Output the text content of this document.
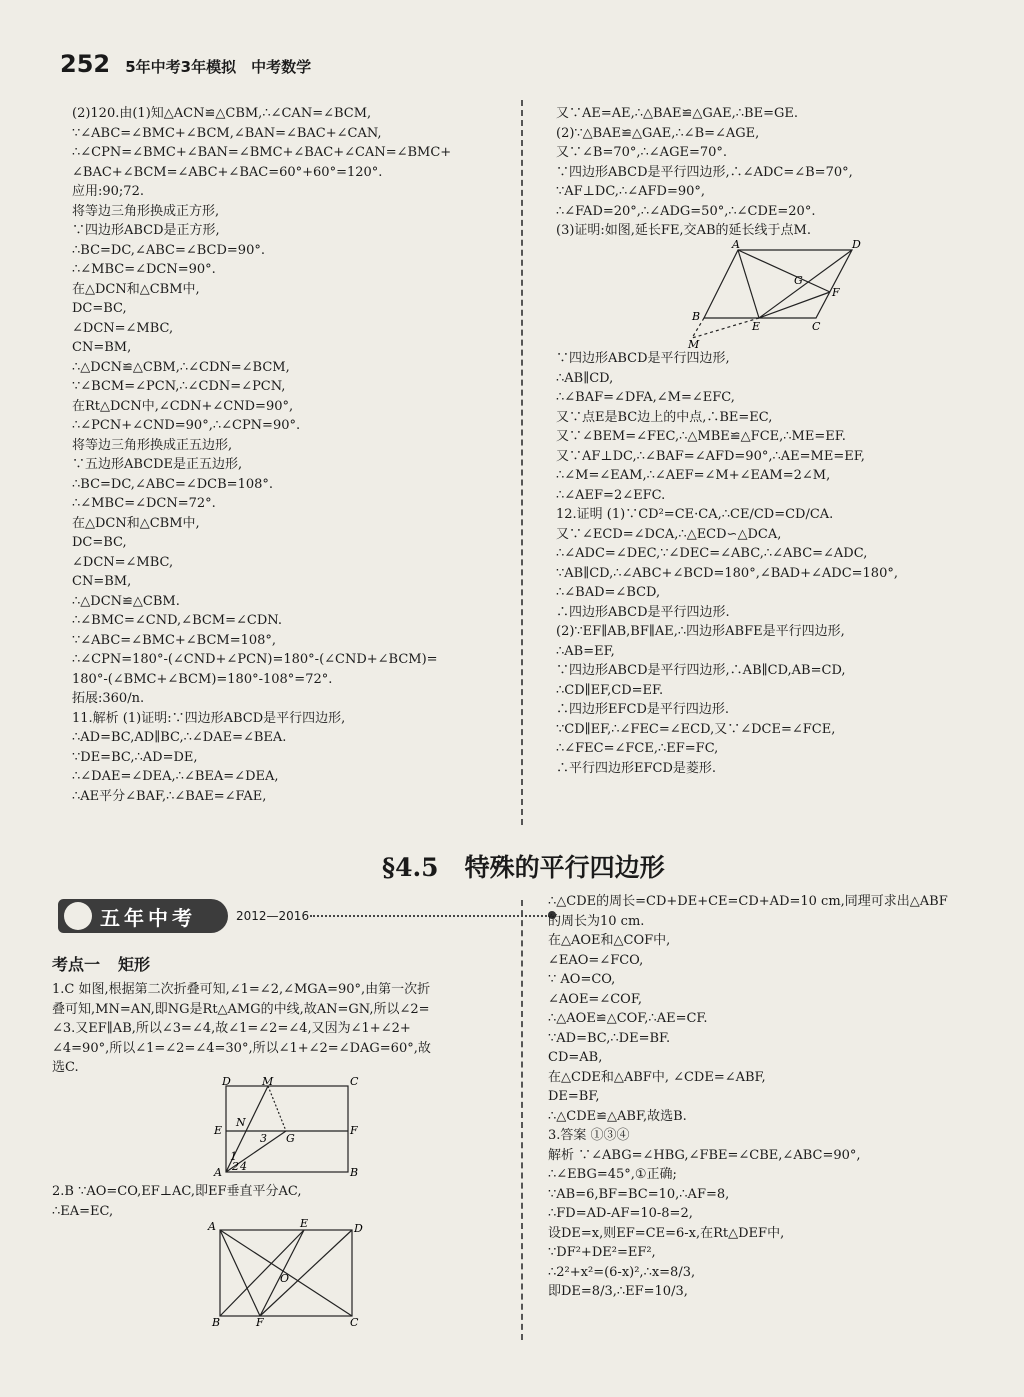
252 5年中考3年模拟 中考数学
(2)120.由(1)知△ACN≌△CBM,∴∠CAN=∠BCM,
∵∠ABC=∠BMC+∠BCM,∠BAN=∠BAC+∠CAN,
∴∠CPN=∠BMC+∠BAN=∠BMC+∠BAC+∠CAN=∠BMC+
∠BAC+∠BCM=∠ABC+∠BAC=60°+60°=120°.
应用:90;72.
将等边三角形换成正方形,
∵四边形ABCD是正方形,
∴BC=DC,∠ABC=∠BCD=90°.
∴∠MBC=∠DCN=90°.
在△DCN和△CBM中,
DC=BC,
∠DCN=∠MBC,
CN=BM,
∴△DCN≌△CBM,∴∠CDN=∠BCM,
∵∠BCM=∠PCN,∴∠CDN=∠PCN,
在Rt△DCN中,∠CDN+∠CND=90°,
∴∠PCN+∠CND=90°,∴∠CPN=90°.
将等边三角形换成正五边形,
∵五边形ABCDE是正五边形,
∴BC=DC,∠ABC=∠DCB=108°.
∴∠MBC=∠DCN=72°.
在△DCN和△CBM中,
DC=BC,
∠DCN=∠MBC,
CN=BM,
∴△DCN≌△CBM.
∴∠BMC=∠CND,∠BCM=∠CDN.
∵∠ABC=∠BMC+∠BCM=108°,
∴∠CPN=180°-(∠CND+∠PCN)=180°-(∠CND+∠BCM)=
180°-(∠BMC+∠BCM)=180°-108°=72°.
拓展:360/n.
11.解析 (1)证明:∵四边形ABCD是平行四边形,
∴AD=BC,AD∥BC,∴∠DAE=∠BEA.
∵DE=BC,∴AD=DE,
∴∠DAE=∠DEA,∴∠BEA=∠DEA,
∴AE平分∠BAF,∴∠BAE=∠FAE,
又∵AE=AE,∴△BAE≌△GAE,∴BE=GE.
(2)∵△BAE≌△GAE,∴∠B=∠AGE,
又∵∠B=70°,∴∠AGE=70°.
∵四边形ABCD是平行四边形,∴∠ADC=∠B=70°,
∵AF⊥DC,∴∠AFD=90°,
∴∠FAD=20°,∴∠ADG=50°,∴∠CDE=20°.
(3)证明:如图,延长FE,交AB的延长线于点M.
A	D
G
F
B
E	C
M
∵四边形ABCD是平行四边形,
∴AB∥CD,
∴∠BAF=∠DFA,∠M=∠EFC,
又∵点E是BC边上的中点,∴BE=EC,
又∵∠BEM=∠FEC,∴△MBE≌△FCE,∴ME=EF.
又∵AF⊥DC,∴∠BAF=∠AFD=90°,∴AE=ME=EF,
∴∠M=∠EAM,∴∠AEF=∠M+∠EAM=2∠M,
∴∠AEF=2∠EFC.
12.证明 (1)∵CD²=CE·CA,∴CE/CD=CD/CA.
又∵∠ECD=∠DCA,∴△ECD∽△DCA,
∴∠ADC=∠DEC,∵∠DEC=∠ABC,∴∠ABC=∠ADC,
∵AB∥CD,∴∠ABC+∠BCD=180°,∠BAD+∠ADC=180°,
∴∠BAD=∠BCD,
∴四边形ABCD是平行四边形.
(2)∵EF∥AB,BF∥AE,∴四边形ABFE是平行四边形,
∴AB=EF,
∵四边形ABCD是平行四边形,∴AB∥CD,AB=CD,
∴CD∥EF,CD=EF.
∴四边形EFCD是平行四边形.
∵CD∥EF,∴∠FEC=∠ECD,又∵∠DCE=∠FCE,
∴∠FEC=∠FCE,∴EF=FC,
∴平行四边形EFCD是菱形.
§4.5 特殊的平行四边形
五年中考	2012—2016
考点一 矩形
1.C 如图,根据第二次折叠可知,∠1=∠2,∠MGA=90°,由第一次折
叠可知,MN=AN,即NG是Rt△AMG的中线,故AN=GN,所以∠2=
∠3.又EF∥AB,所以∠3=∠4,故∠1=∠2=∠4,又因为∠1+∠2+
∠4=90°,所以∠1=∠2=∠4=30°,所以∠1+∠2=∠DAG=60°,故
选C.
D	M	C
E
N
3 G
F
1
2 4
A	B
2.B ∵AO=CO,EF⊥AC,即EF垂直平分AC,
∴EA=EC,
A	E	D
O
B	F	C
∴△CDE的周长=CD+DE+CE=CD+AD=10 cm,同理可求出△ABF
的周长为10 cm.
在△AOE和△COF中,
∠EAO=∠FCO,
∵ AO=CO,
∠AOE=∠COF,
∴△AOE≌△COF,∴AE=CF.
∵AD=BC,∴DE=BF.
CD=AB,
在△CDE和△ABF中, ∠CDE=∠ABF,
DE=BF,
∴△CDE≌△ABF,故选B.
3.答案 ①③④
解析 ∵∠ABG=∠HBG,∠FBE=∠CBE,∠ABC=90°,
∴∠EBG=45°,①正确;
∵AB=6,BF=BC=10,∴AF=8,
∴FD=AD-AF=10-8=2,
设DE=x,则EF=CE=6-x,在Rt△DEF中,
∵DF²+DE²=EF²,
∴2²+x²=(6-x)²,∴x=8/3,
即DE=8/3,∴EF=10/3,
